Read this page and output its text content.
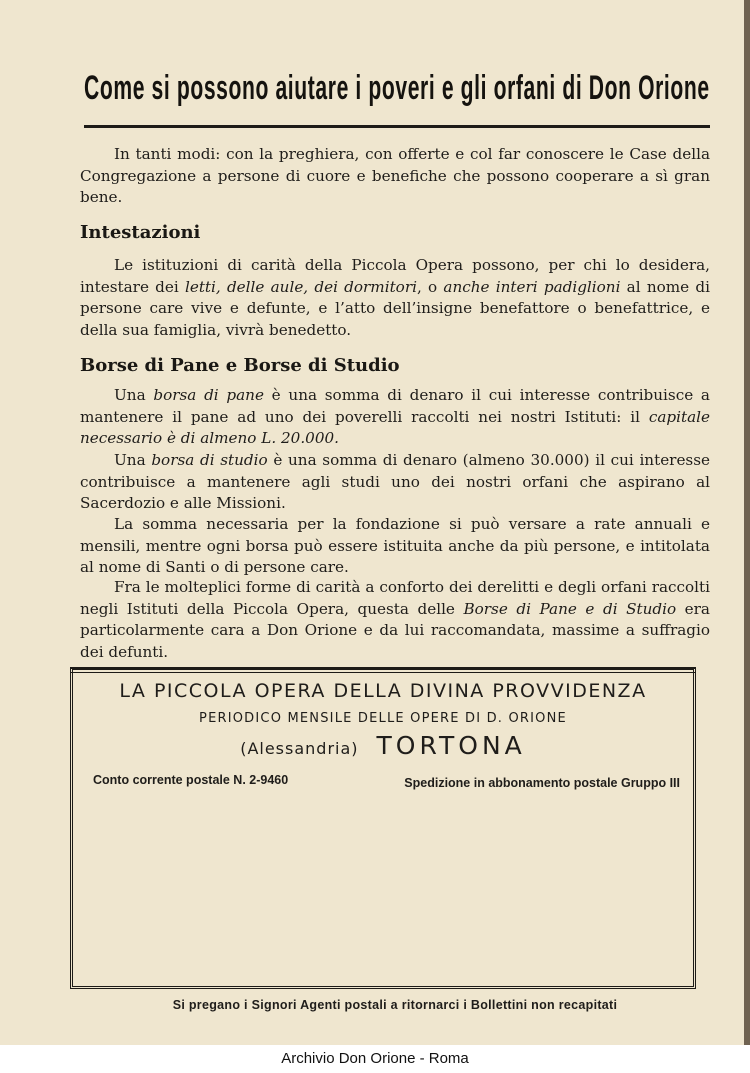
Come si possono aiutare i poveri e gli orfani di Don Orione

In tanti modi: con la preghiera, con offerte e col far conoscere le Case della Congregazione a persone di cuore e benefiche che possono cooperare a sì gran bene.

Intestazioni

Le istituzioni di carità della Piccola Opera possono, per chi lo desidera, intestare dei letti, delle aule, dei dormitori, o anche interi padiglioni al nome di persone care vive e defunte, e l’atto dell’insigne benefattore o benefattrice, e della sua famiglia, vivrà benedetto.

Borse di Pane e Borse di Studio

Una borsa di pane è una somma di denaro il cui interesse contribuisce a mantenere il pane ad uno dei poverelli raccolti nei nostri Istituti: il capitale necessario è di almeno L. 20.000.

Una borsa di studio è una somma di denaro (almeno 30.000) il cui interesse contribuisce a mantenere agli studi uno dei nostri orfani che aspirano al Sacerdozio e alle Missioni.

La somma necessaria per la fondazione si può versare a rate annuali e mensili, mentre ogni borsa può essere istituita anche da più persone, e intitolata al nome di Santi o di persone care.

Fra le molteplici forme di carità a conforto dei derelitti e degli orfani raccolti negli Istituti della Piccola Opera, questa delle Borse di Pane e di Studio era particolarmente cara a Don Orione e da lui raccomandata, massime a suffragio dei defunti.

LA PICCOLA OPERA DELLA DIVINA PROVVIDENZA
PERIODICO MENSILE DELLE OPERE DI D. ORIONE
(Alessandria) TORTONA
Conto corrente postale N. 2-9460	Spedizione in abbonamento postale Gruppo III
Si pregano i Signori Agenti postali a ritornarci i Bollettini non recapitati
Archivio Don Orione - Roma
